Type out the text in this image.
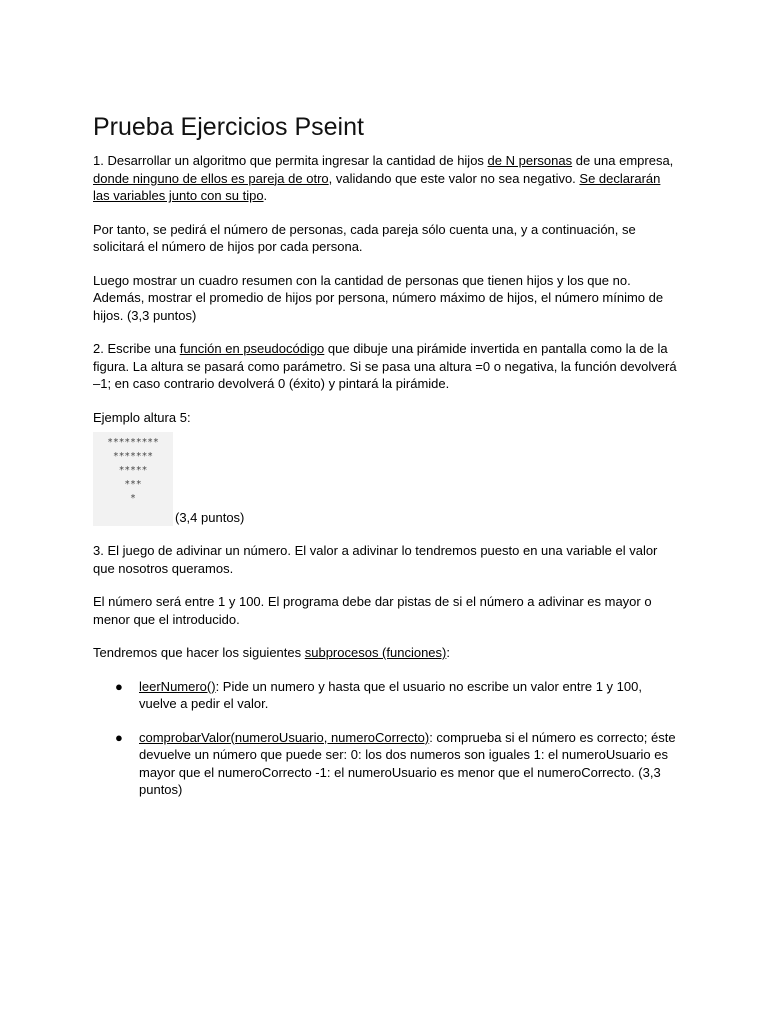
Prueba Ejercicios Pseint

1. Desarrollar un algoritmo que permita ingresar la cantidad de hijos de N personas de una empresa, donde ninguno de ellos es pareja de otro, validando que este valor no sea negativo. Se declararán las variables junto con su tipo.

Por tanto, se pedirá el número de personas, cada pareja sólo cuenta una, y a continuación, se solicitará el número de hijos por cada persona.

Luego mostrar un cuadro resumen con la cantidad de personas que tienen hijos y los que no. Además, mostrar el promedio de hijos por persona, número máximo de hijos, el número mínimo de hijos. (3,3 puntos)

2. Escribe una función en pseudocódigo que dibuje una pirámide invertida en pantalla como la de la figura. La altura se pasará como parámetro. Si se pasa una altura =0 o negativa, la función devolverá –1; en caso contrario devolverá 0 (éxito) y pintará la pirámide.

Ejemplo altura 5:

*********
*******
*****
***
*
(3,4 puntos)

3. El juego de adivinar un número. El valor a adivinar lo tendremos puesto en una variable el valor que nosotros queramos.

El número será entre 1 y 100. El programa debe dar pistas de si el número a adivinar es mayor o menor que el introducido.

Tendremos que hacer los siguientes subprocesos (funciones):

● leerNumero(): Pide un numero y hasta que el usuario no escribe un valor entre 1 y 100, vuelve a pedir el valor.
● comprobarValor(numeroUsuario, numeroCorrecto): comprueba si el número es correcto; éste devuelve un número que puede ser: 0: los dos numeros son iguales 1: el numeroUsuario es mayor que el numeroCorrecto -1: el numeroUsuario es menor que el numeroCorrecto. (3,3 puntos)
